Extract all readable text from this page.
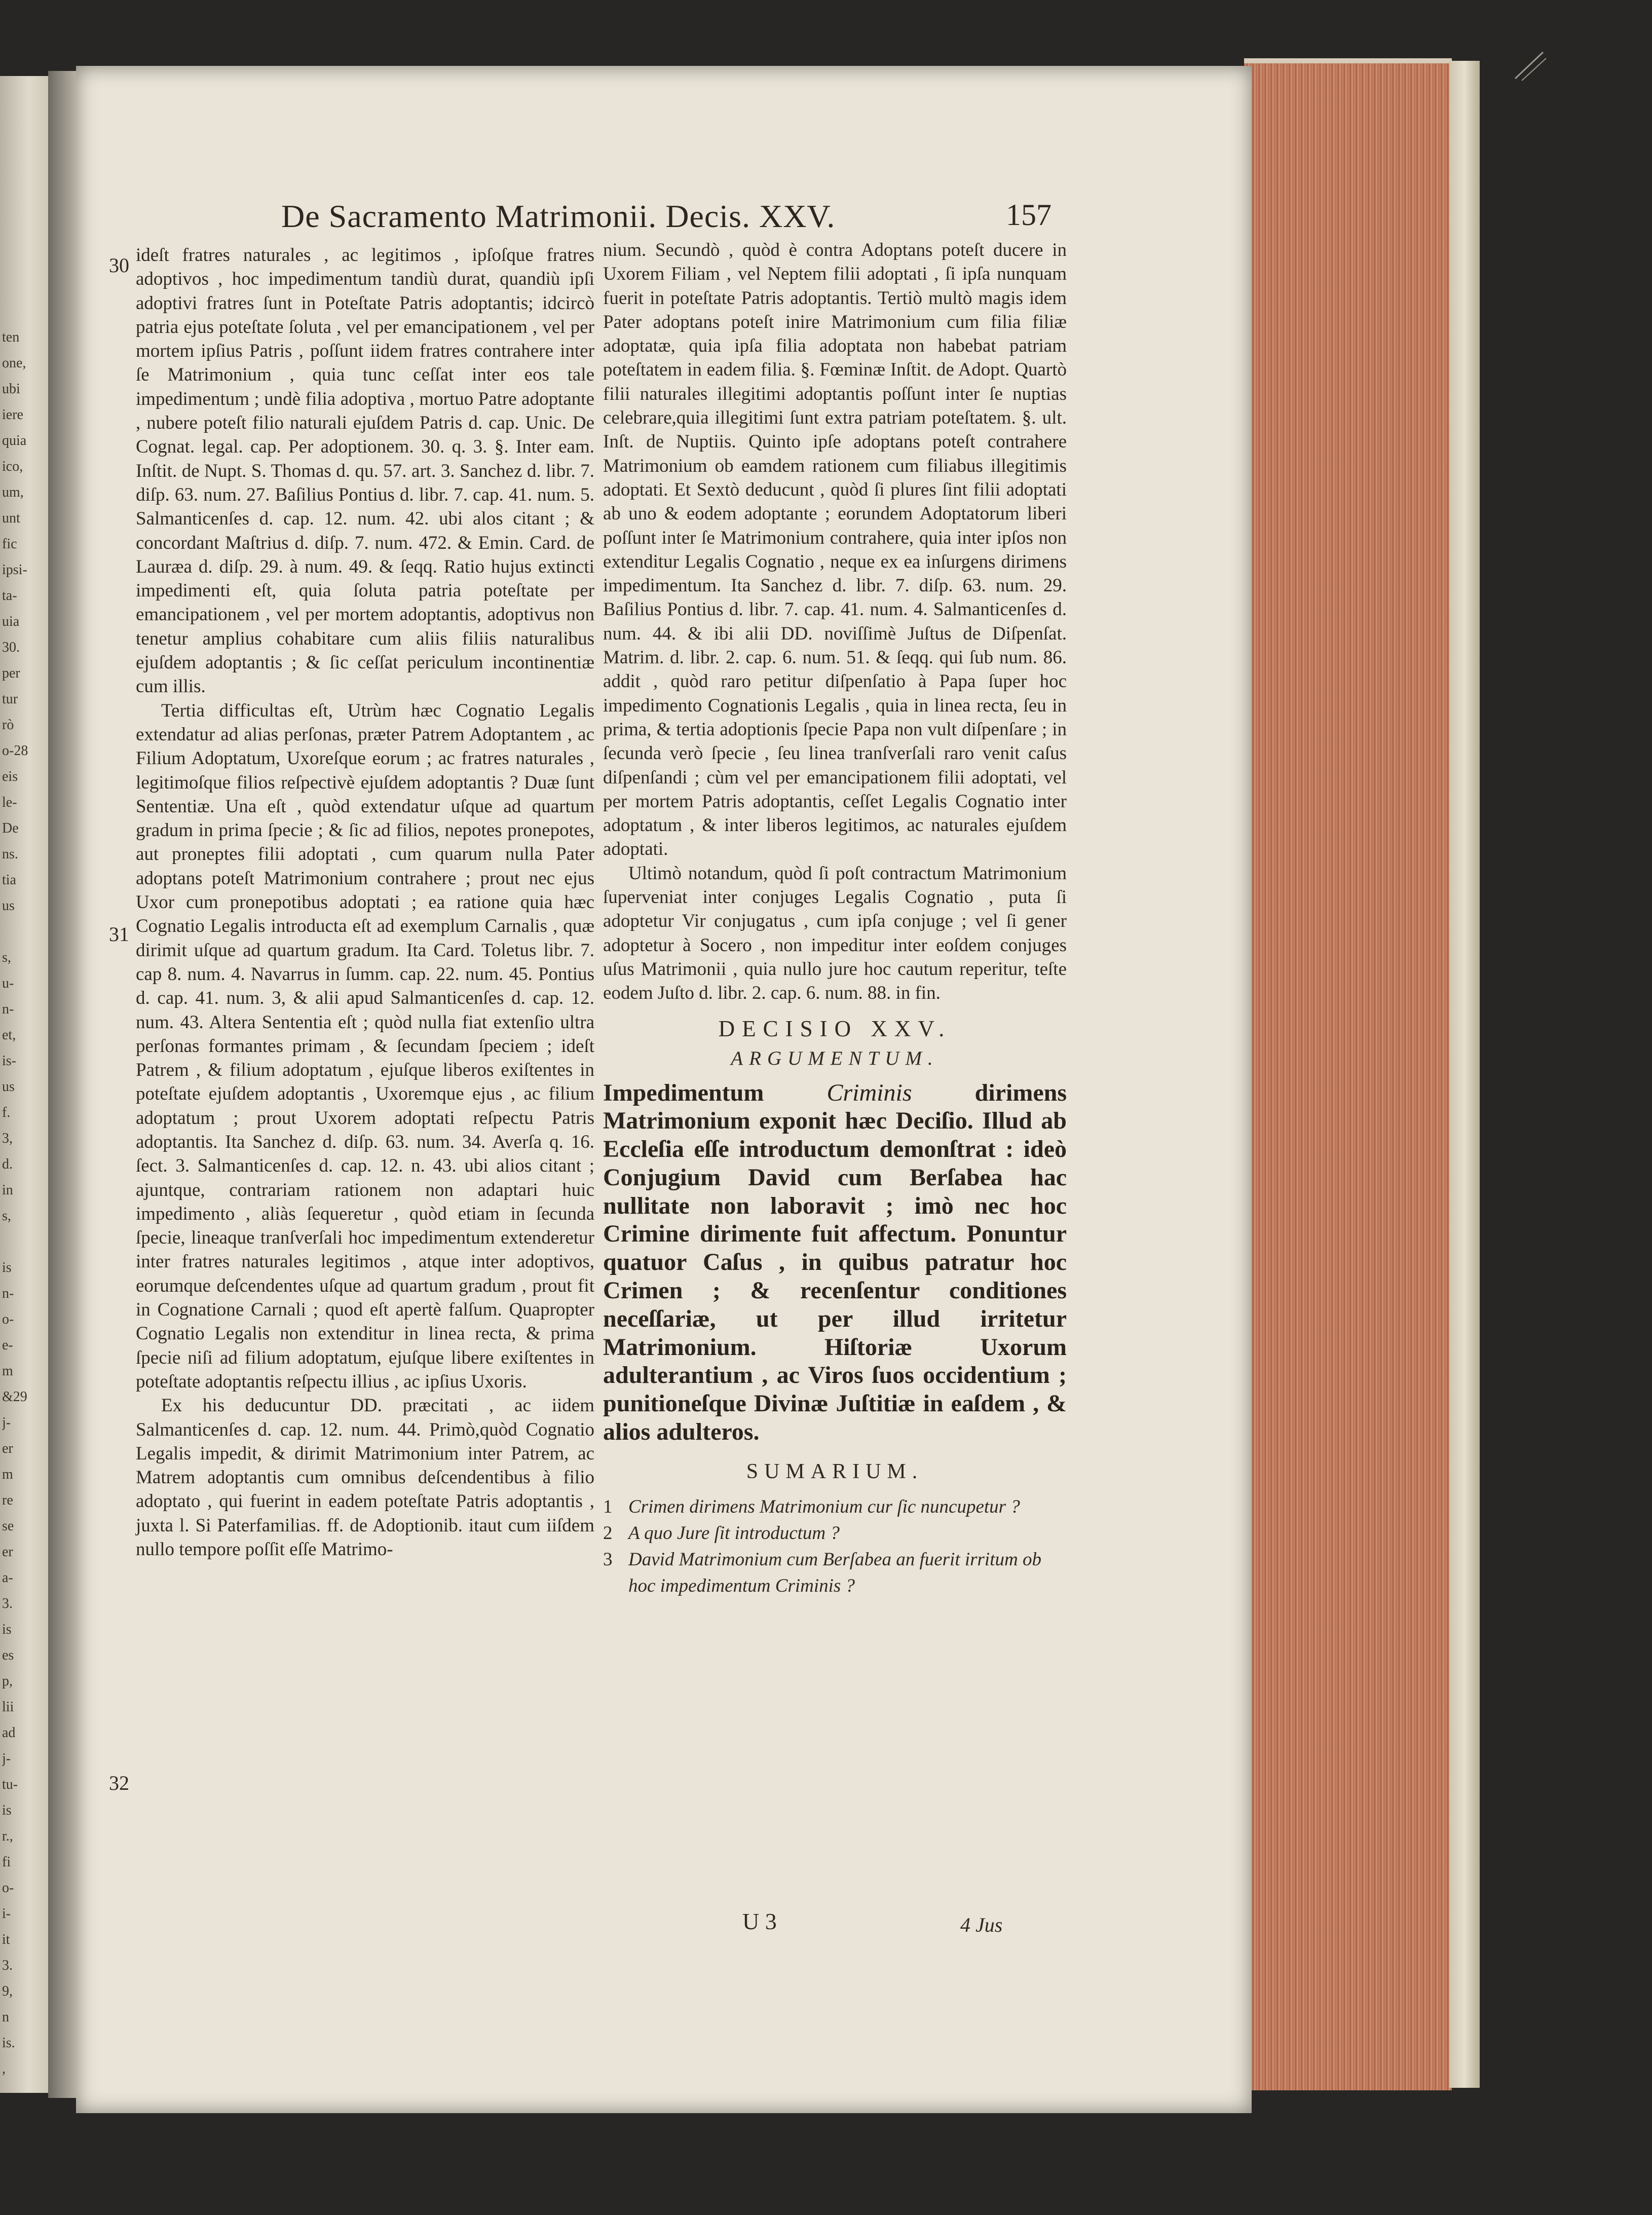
ten
one,
ubi
iere
quia
ico,
um,
unt
fic
ipsi-
ta-
uia
30.
per
tur
rò
o-28
eis
le-
De
ns.
tia
us

s,
u-
n-
et,
is-
us
f.
3,
d.
in
s,

is
n-
o-
e-
m
&29
j-
er
m
re
se
er
a-
3.
is
es
p,
lii
ad
j-
tu-
is
r.,
fi
o-
i-
it
3.
9,
n
is.
,
De Sacramento Matrimonii. Decis. XXV.	157
30
31
32

ideſt fratres naturales , ac legitimos , ipſoſque fratres adoptivos , hoc impedimentum tandiù durat, quandiù ipſi adoptivi fratres ſunt in Poteſtate Patris adoptantis; idcircò patria ejus poteſtate ſoluta , vel per emancipationem , vel per mortem ipſius Patris , poſſunt iidem fratres contrahere inter ſe Matrimonium , quia tunc ceſſat inter eos tale impedimentum ; undè filia adoptiva , mortuo Patre adoptante , nubere poteſt filio naturali ejuſdem Patris d. cap. Unic. De Cognat. legal. cap. Per adoptionem. 30. q. 3. §. Inter eam. Inſtit. de Nupt. S. Thomas d. qu. 57. art. 3. Sanchez d. libr. 7. diſp. 63. num. 27. Baſilius Pontius d. libr. 7. cap. 41. num. 5. Salmanticenſes d. cap. 12. num. 42. ubi alos citant ; & concordant Maſtrius d. diſp. 7. num. 472. & Emin. Card. de Lauræa d. diſp. 29. à num. 49. & ſeqq. Ratio hujus extincti impedimenti eſt, quia ſoluta patria poteſtate per emancipationem , vel per mortem adoptantis, adoptivus non tenetur amplius cohabitare cum aliis filiis naturalibus ejuſdem adoptantis ; & ſic ceſſat periculum incontinentiæ cum illis.

Tertia difficultas eſt, Utrùm hæc Cognatio Legalis extendatur ad alias perſonas, præter Patrem Adoptantem , ac Filium Adoptatum, Uxoreſque eorum ; ac fratres naturales , legitimoſque filios reſpectivè ejuſdem adoptantis ? Duæ ſunt Sententiæ. Una eſt , quòd extendatur uſque ad quartum gradum in prima ſpecie ; & ſic ad filios, nepotes pronepotes, aut proneptes filii adoptati , cum quarum nulla Pater adoptans poteſt Matrimonium contrahere ; prout nec ejus Uxor cum pronepotibus adoptati ; ea ratione quia hæc Cognatio Legalis introducta eſt ad exemplum Carnalis , quæ dirimit uſque ad quartum gradum. Ita Card. Toletus libr. 7. cap 8. num. 4. Navarrus in ſumm. cap. 22. num. 45. Pontius d. cap. 41. num. 3, & alii apud Salmanticenſes d. cap. 12. num. 43. Altera Sententia eſt ; quòd nulla fiat extenſio ultra perſonas formantes primam , & ſecundam ſpeciem ; ideſt Patrem , & filium adoptatum , ejuſque liberos exiſtentes in poteſtate ejuſdem adoptantis , Uxoremque ejus , ac filium adoptatum ; prout Uxorem adoptati reſpectu Patris adoptantis. Ita Sanchez d. diſp. 63. num. 34. Averſa q. 16. ſect. 3. Salmanticenſes d. cap. 12. n. 43. ubi alios citant ; ajuntque, contrariam rationem non adaptari huic impedimento , aliàs ſequeretur , quòd etiam in ſecunda ſpecie, lineaque tranſverſali hoc impedimentum extenderetur inter fratres naturales legitimos , atque inter adoptivos, eorumque deſcendentes uſque ad quartum gradum , prout fit in Cognatione Carnali ; quod eſt apertè falſum. Quapropter Cognatio Legalis non extenditur in linea recta, & prima ſpecie niſi ad filium adoptatum, ejuſque libere exiſtentes in poteſtate adoptantis reſpectu illius , ac ipſius Uxoris.

Ex his deducuntur DD. præcitati , ac iidem Salmanticenſes d. cap. 12. num. 44. Primò,quòd Cognatio Legalis impedit, & dirimit Matrimonium inter Patrem, ac Matrem adoptantis cum omnibus deſcendentibus à filio adoptato , qui fuerint in eadem poteſtate Patris adoptantis , juxta l. Si Paterfamilias. ff. de Adoptionib. itaut cum iiſdem nullo tempore poſſit eſſe Matrimo-

nium. Secundò , quòd è contra Adoptans poteſt ducere in Uxorem Filiam , vel Neptem filii adoptati , ſi ipſa nunquam fuerit in poteſtate Patris adoptantis. Tertiò multò magis idem Pater adoptans poteſt inire Matrimonium cum filia filiæ adoptatæ, quia ipſa filia adoptata non habebat patriam poteſtatem in eadem filia. §. Fœminæ Inſtit. de Adopt. Quartò filii naturales illegitimi adoptantis poſſunt inter ſe nuptias celebrare,quia illegitimi ſunt extra patriam poteſtatem. §. ult. Inſt. de Nuptiis. Quinto ipſe adoptans poteſt contrahere Matrimonium ob eamdem rationem cum filiabus illegitimis adoptati. Et Sextò deducunt , quòd ſi plures ſint filii adoptati ab uno & eodem adoptante ; eorundem Adoptatorum liberi poſſunt inter ſe Matrimonium contrahere, quia inter ipſos non extenditur Legalis Cognatio , neque ex ea inſurgens dirimens impedimentum. Ita Sanchez d. libr. 7. diſp. 63. num. 29. Baſilius Pontius d. libr. 7. cap. 41. num. 4. Salmanticenſes d. num. 44. & ibi alii DD. noviſſimè Juſtus de Diſpenſat. Matrim. d. libr. 2. cap. 6. num. 51. & ſeqq. qui ſub num. 86. addit , quòd raro petitur diſpenſatio à Papa ſuper hoc impedimento Cognationis Legalis , quia in linea recta, ſeu in prima, & tertia adoptionis ſpecie Papa non vult diſpenſare ; in ſecunda verò ſpecie , ſeu linea tranſverſali raro venit caſus diſpenſandi ; cùm vel per emancipationem filii adoptati, vel per mortem Patris adoptantis, ceſſet Legalis Cognatio inter adoptatum , & inter liberos legitimos, ac naturales ejuſdem adoptati.

Ultimò notandum, quòd ſi poſt contractum Matrimonium ſuperveniat inter conjuges Legalis Cognatio , puta ſi adoptetur Vir conjugatus , cum ipſa conjuge ; vel ſi gener adoptetur à Socero , non impeditur inter eoſdem conjuges uſus Matrimonii , quia nullo jure hoc cautum reperitur, teſte eodem Juſto d. libr. 2. cap. 6. num. 88. in fin.

DECISIO XXV.
ARGUMENTUM.

Impedimentum Criminis dirimens Matrimonium exponit hæc Deciſio. Illud ab Eccleſia eſſe introductum demonſtrat : ideò Conjugium David cum Berſabea hac nullitate non laboravit ; imò nec hoc Crimine dirimente fuit affectum. Ponuntur quatuor Caſus , in quibus patratur hoc Crimen ; & recenſentur conditiones neceſſariæ, ut per illud irritetur Matrimonium. Hiſtoriæ Uxorum adulterantium , ac Viros ſuos occidentium ; punitioneſque Divinæ Juſtitiæ in eaſdem , & alios adulteros.

SUMARIUM.
1 Crimen dirimens Matrimonium cur ſic nuncupetur ?
2 A quo Jure ſit introductum ?
3 David Matrimonium cum Berſabea an fuerit irritum ob hoc impedimentum Criminis ?
U 3	4 Jus
